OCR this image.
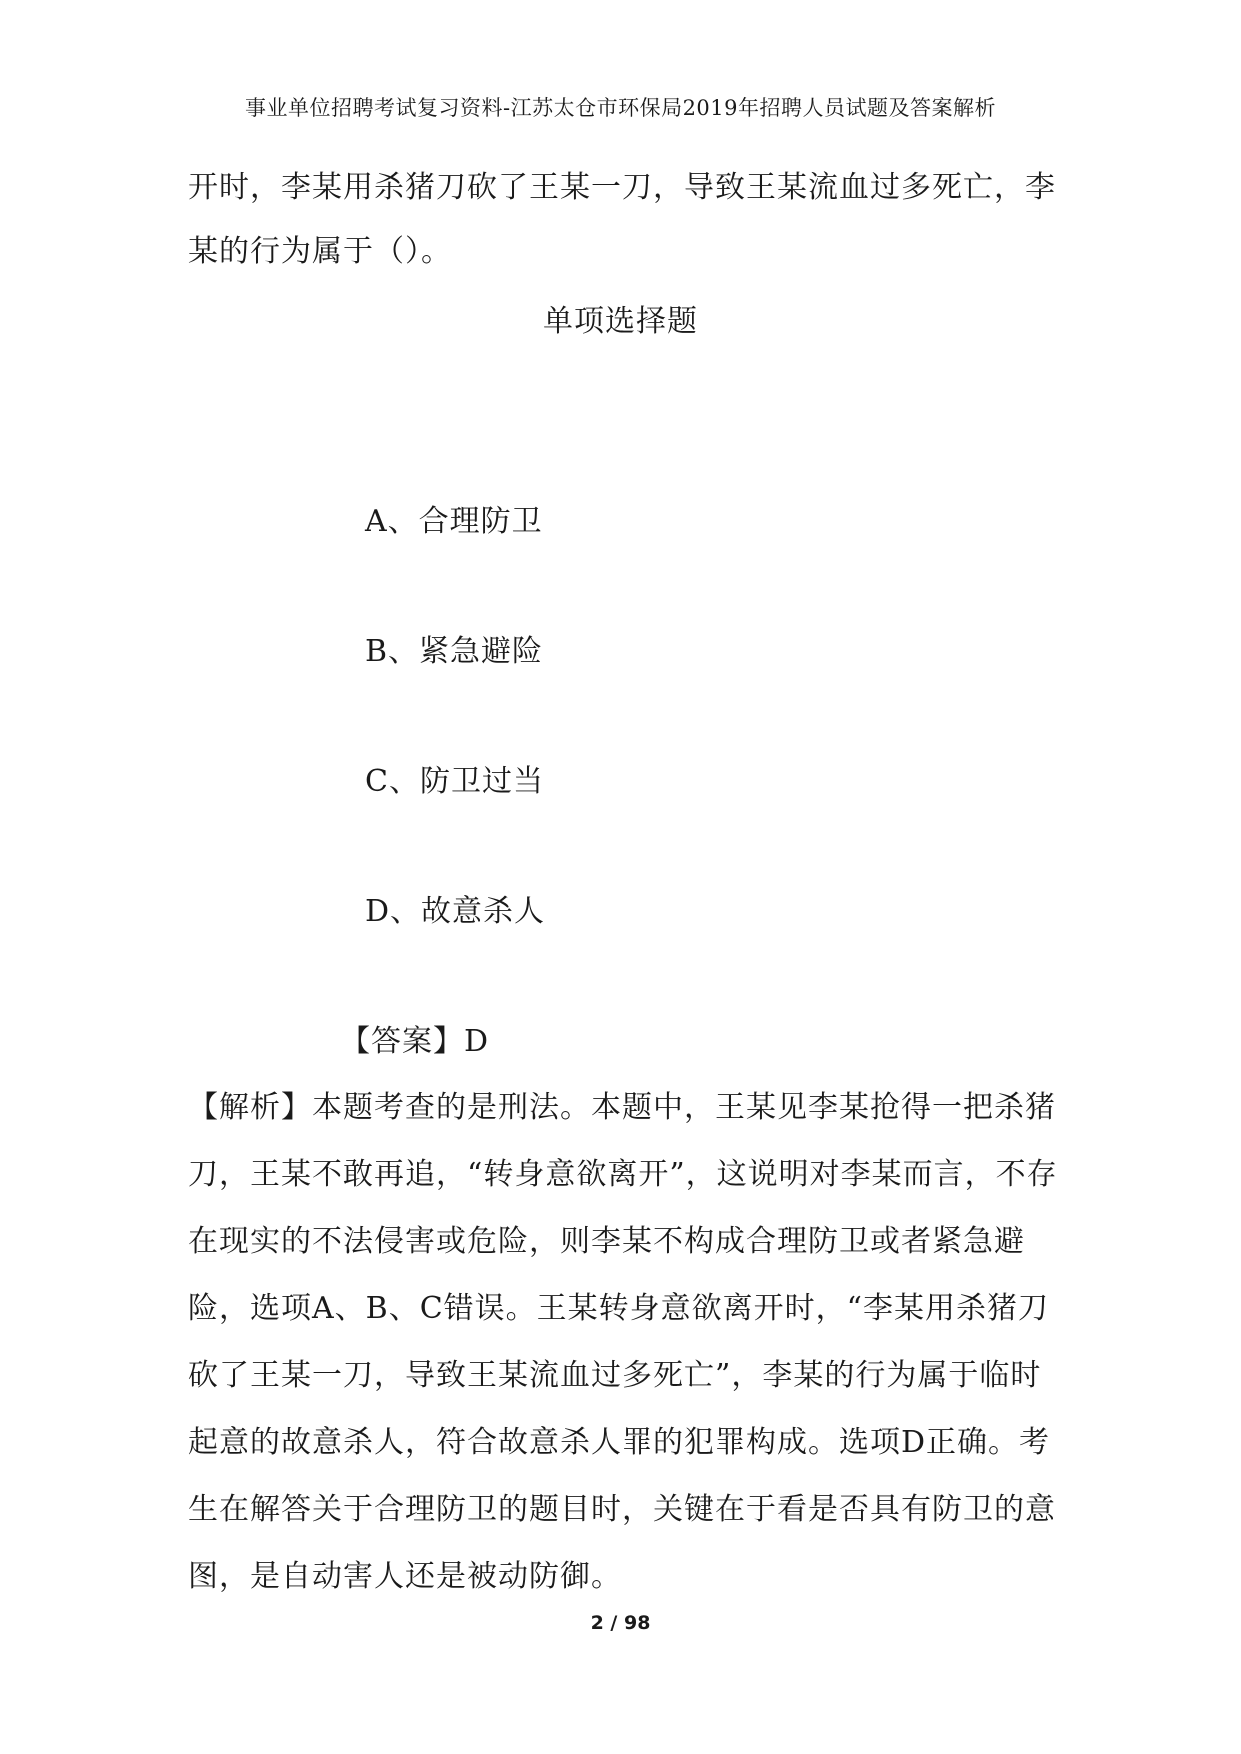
事业单位招聘考试复习资料-江苏太仓市环保局2019年招聘人员试题及答案解析
开时，李某用杀猪刀砍了王某一刀，导致王某流血过多死亡，李某的行为属于（）。
单项选择题
A、合理防卫
B、紧急避险
C、防卫过当
D、故意杀人
【答案】D
【解析】本题考查的是刑法。本题中，王某见李某抢得一把杀猪刀，王某不敢再追，“转身意欲离开”，这说明对李某而言，不存在现实的不法侵害或危险，则李某不构成合理防卫或者紧急避险，选项A、B、C错误。王某转身意欲离开时，“李某用杀猪刀砍了王某一刀，导致王某流血过多死亡”，李某的行为属于临时起意的故意杀人，符合故意杀人罪的犯罪构成。选项D正确。考生在解答关于合理防卫的题目时，关键在于看是否具有防卫的意图，是自动害人还是被动防御。
2 / 98
